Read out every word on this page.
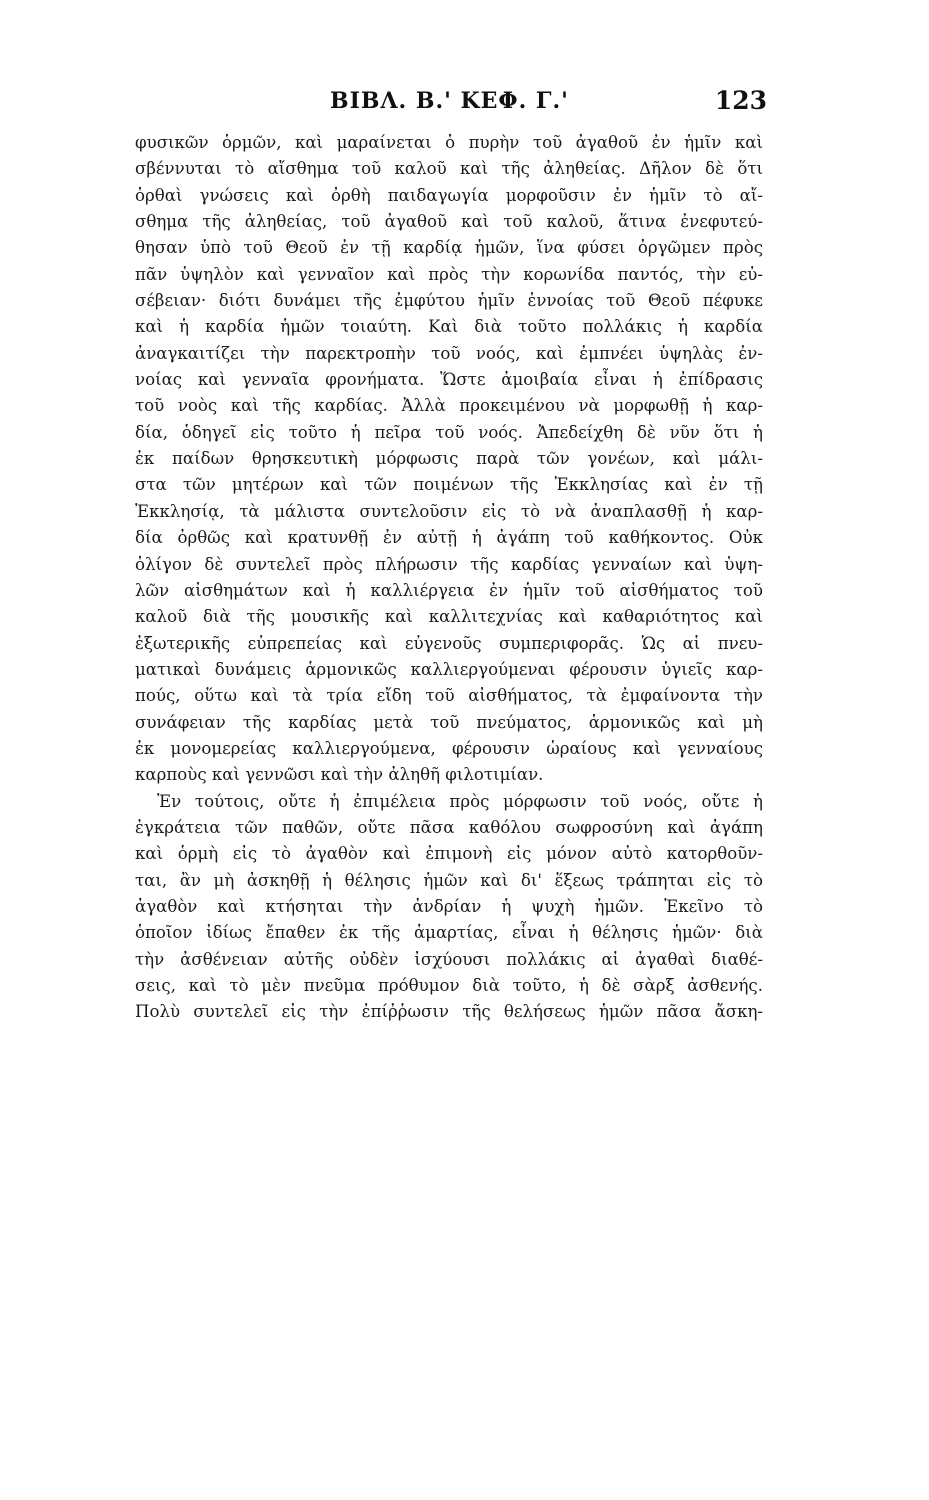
ΒΙΒΛ. Β.' ΚΕΦ. Γ.'	123
φυσικῶν ὁρμῶν, καὶ μαραίνεται ὁ πυρὴν τοῦ ἀγαθοῦ ἐν ἡμῖν καὶ
σβέννυται τὸ αἴσθημα τοῦ καλοῦ καὶ τῆς ἀληθείας. Δῆλον δὲ ὅτι
ὀρθαὶ γνώσεις καὶ ὀρθὴ παιδαγωγία μορφοῦσιν ἐν ἡμῖν τὸ αἴ-
σθημα τῆς ἀληθείας, τοῦ ἀγαθοῦ καὶ τοῦ καλοῦ, ἅτινα ἐνεφυτεύ-
θησαν ὑπὸ τοῦ Θεοῦ ἐν τῇ καρδίᾳ ἡμῶν, ἵνα φύσει ὀργῶμεν πρὸς
πᾶν ὑψηλὸν καὶ γενναῖον καὶ πρὸς τὴν κορωνίδα παντός, τὴν εὐ-
σέβειαν· διότι δυνάμει τῆς ἐμφύτου ἡμῖν ἐννοίας τοῦ Θεοῦ πέφυκε
καὶ ἡ καρδία ἡμῶν τοιαύτη. Καὶ διὰ τοῦτο πολλάκις ἡ καρδία
ἀναγκαιτίζει τὴν παρεκτροπὴν τοῦ νοός, καὶ ἐμπνέει ὑψηλὰς ἐν-
νοίας καὶ γενναῖα φρονήματα. Ὥστε ἀμοιβαία εἶναι ἡ ἐπίδρασις
τοῦ νοὸς καὶ τῆς καρδίας. Ἀλλὰ προκειμένου νὰ μορφωθῇ ἡ καρ-
δία, ὁδηγεῖ εἰς τοῦτο ἡ πεῖρα τοῦ νοός. Ἀπεδείχθη δὲ νῦν ὅτι ἡ
ἐκ παίδων θρησκευτικὴ μόρφωσις παρὰ τῶν γονέων, καὶ μάλι-
στα τῶν μητέρων καὶ τῶν ποιμένων τῆς Ἐκκλησίας καὶ ἐν τῇ
Ἐκκλησίᾳ, τὰ μάλιστα συντελοῦσιν εἰς τὸ νὰ ἀναπλασθῇ ἡ καρ-
δία ὀρθῶς καὶ κρατυνθῇ ἐν αὐτῇ ἡ ἀγάπη τοῦ καθήκοντος. Οὐκ
ὀλίγον δὲ συντελεῖ πρὸς πλήρωσιν τῆς καρδίας γενναίων καὶ ὑψη-
λῶν αἰσθημάτων καὶ ἡ καλλιέργεια ἐν ἡμῖν τοῦ αἰσθήματος τοῦ
καλοῦ διὰ τῆς μουσικῆς καὶ καλλιτεχνίας καὶ καθαριότητος καὶ
ἐξωτερικῆς εὐπρεπείας καὶ εὐγενοῦς συμπεριφορᾶς. Ὡς αἱ πνευ-
ματικαὶ δυνάμεις ἁρμονικῶς καλλιεργούμεναι φέρουσιν ὑγιεῖς καρ-
πούς, οὕτω καὶ τὰ τρία εἴδη τοῦ αἰσθήματος, τὰ ἐμφαίνοντα τὴν
συνάφειαν τῆς καρδίας μετὰ τοῦ πνεύματος, ἁρμονικῶς καὶ μὴ
ἐκ μονομερείας καλλιεργούμενα, φέρουσιν ὡραίους καὶ γενναίους
καρποὺς καὶ γεννῶσι καὶ τὴν ἀληθῆ φιλοτιμίαν.
Ἐν τούτοις, οὔτε ἡ ἐπιμέλεια πρὸς μόρφωσιν τοῦ νοός, οὔτε ἡ
ἐγκράτεια τῶν παθῶν, οὔτε πᾶσα καθόλου σωφροσύνη καὶ ἀγάπη
καὶ ὁρμὴ εἰς τὸ ἀγαθὸν καὶ ἐπιμονὴ εἰς μόνον αὐτὸ κατορθοῦν-
ται, ἂν μὴ ἀσκηθῇ ἡ θέλησις ἡμῶν καὶ δι' ἕξεως τράπηται εἰς τὸ
ἀγαθὸν καὶ κτήσηται τὴν ἀνδρίαν ἡ ψυχὴ ἡμῶν. Ἐκεῖνο τὸ
ὁποῖον ἰδίως ἔπαθεν ἐκ τῆς ἁμαρτίας, εἶναι ἡ θέλησις ἡμῶν· διὰ
τὴν ἀσθένειαν αὐτῆς οὐδὲν ἰσχύουσι πολλάκις αἱ ἀγαθαὶ διαθέ-
σεις, καὶ τὸ μὲν πνεῦμα πρόθυμον διὰ τοῦτο, ἡ δὲ σὰρξ ἀσθενής.
Πολὺ συντελεῖ εἰς τὴν ἐπίῤῥωσιν τῆς θελήσεως ἡμῶν πᾶσα ἄσκη-
